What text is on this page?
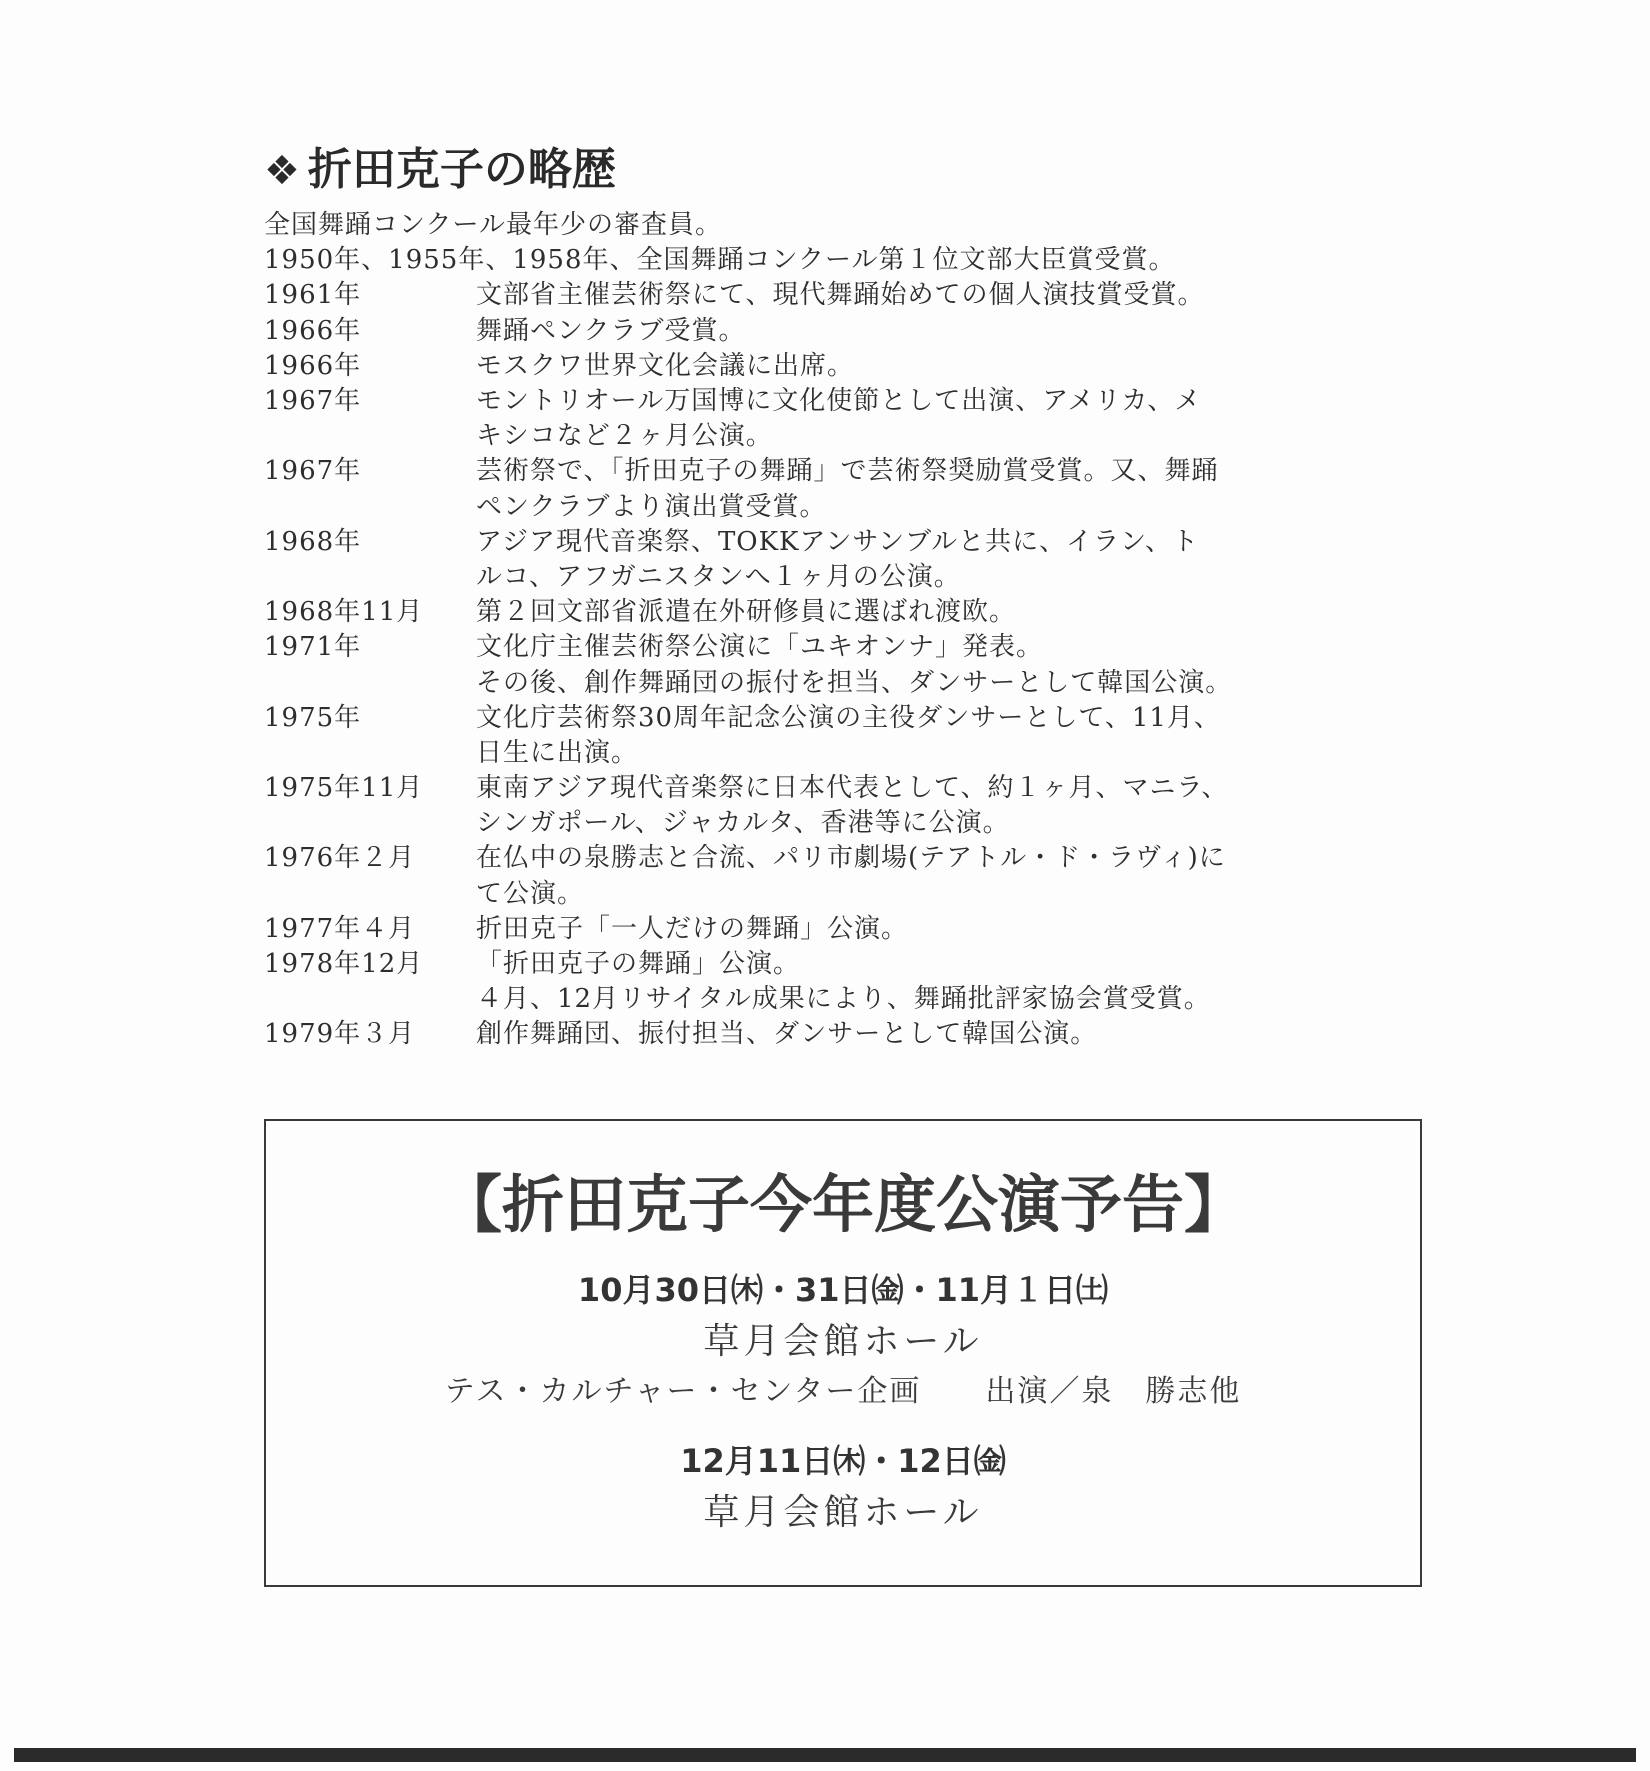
❖ 折田克子の略歴
全国舞踊コンクール最年少の審査員。
1950年、1955年、1958年、全国舞踊コンクール第１位文部大臣賞受賞。
1961年	文部省主催芸術祭にて、現代舞踊始めての個人演技賞受賞。
1966年	舞踊ペンクラブ受賞。
1966年	モスクワ世界文化会議に出席。
1967年	モントリオール万国博に文化使節として出演、アメリカ、メ
キシコなど２ヶ月公演。
1967年	芸術祭で、「折田克子の舞踊」で芸術祭奨励賞受賞。又、舞踊
ペンクラブより演出賞受賞。
1968年	アジア現代音楽祭、TOKKアンサンブルと共に、イラン、ト
ルコ、アフガニスタンへ１ヶ月の公演。
1968年11月	第２回文部省派遣在外研修員に選ばれ渡欧。
1971年	文化庁主催芸術祭公演に「ユキオンナ」発表。
その後、創作舞踊団の振付を担当、ダンサーとして韓国公演。
1975年	文化庁芸術祭30周年記念公演の主役ダンサーとして、11月、
日生に出演。
1975年11月	東南アジア現代音楽祭に日本代表として、約１ヶ月、マニラ、
シンガポール、ジャカルタ、香港等に公演。
1976年２月	在仏中の泉勝志と合流、パリ市劇場(テアトル・ド・ラヴィ)に
て公演。
1977年４月	折田克子「一人だけの舞踊」公演。
1978年12月	「折田克子の舞踊」公演。
４月、12月リサイタル成果により、舞踊批評家協会賞受賞。
1979年３月	創作舞踊団、振付担当、ダンサーとして韓国公演。
【折田克子今年度公演予告】
10月30日㈭・31日㈮・11月１日㈯
草月会館ホール
テス・カルチャー・センター企画　　出演／泉　勝志他
12月11日㈭・12日㈮
草月会館ホール
